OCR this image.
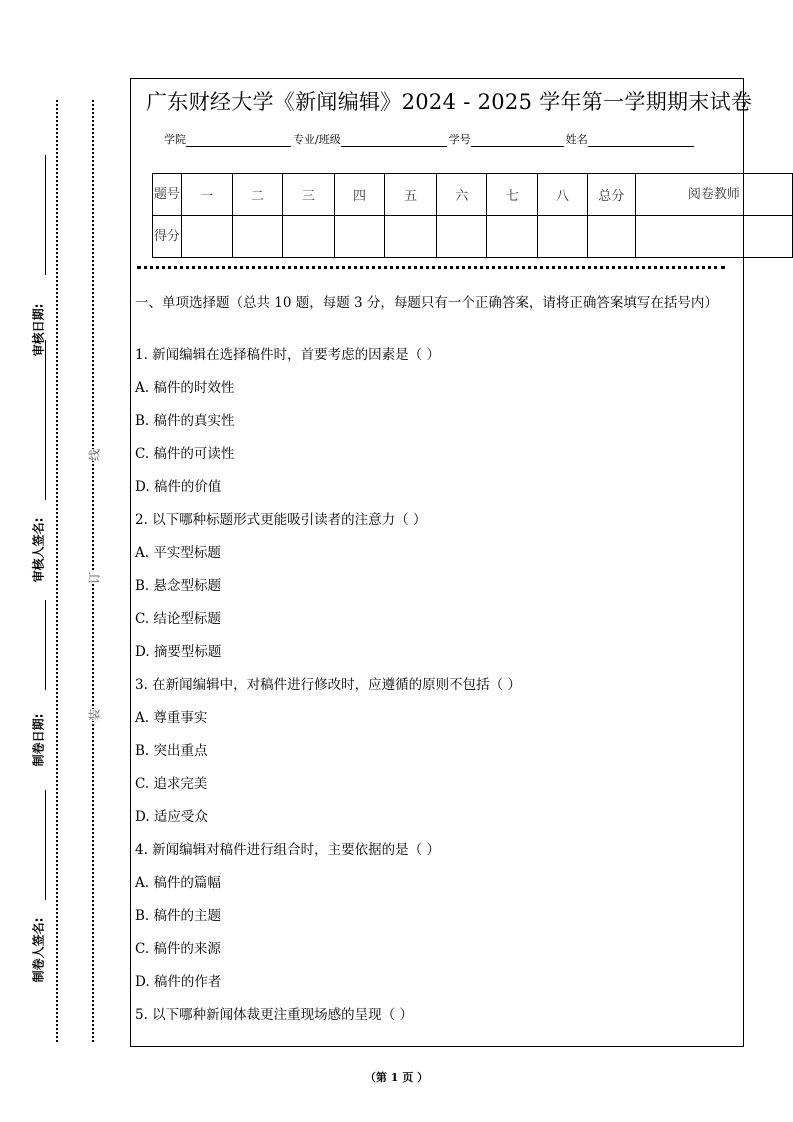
审核日期:
审核人签名:
制卷日期:
制卷人签名:
线
订
装
广东财经大学《新闻编辑》2024 - 2025 学年第一学期期末试卷
学院	专业/班级	学号	姓名
题号	一	二	三	四	五	六	七	八	总分	阅卷教师
得分										
一、单项选择题（总共 10 题，每题 3 分，每题只有一个正确答案，请将正确答案填写在括号内）
1. 新闻编辑在选择稿件时，首要考虑的因素是（ ）
A. 稿件的时效性
B. 稿件的真实性
C. 稿件的可读性
D. 稿件的价值
2. 以下哪种标题形式更能吸引读者的注意力（ ）
A. 平实型标题
B. 悬念型标题
C. 结论型标题
D. 摘要型标题
3. 在新闻编辑中，对稿件进行修改时，应遵循的原则不包括（ ）
A. 尊重事实
B. 突出重点
C. 追求完美
D. 适应受众
4. 新闻编辑对稿件进行组合时，主要依据的是（ ）
A. 稿件的篇幅
B. 稿件的主题
C. 稿件的来源
D. 稿件的作者
5. 以下哪种新闻体裁更注重现场感的呈现（ ）
（第 1 页 ）
